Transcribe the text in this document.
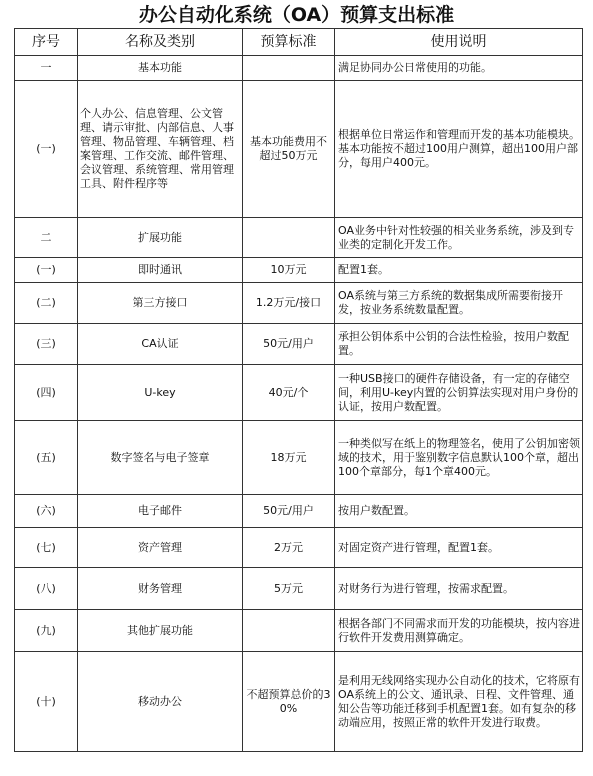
办公自动化系统（OA）预算支出标准
序号	名称及类别	预算标准	使用说明
一	基本功能		满足协同办公日常使用的功能。
(一)	个人办公、信息管理、公文管理、请示审批、内部信息、人事管理、物品管理、车辆管理、档案管理、工作交流、邮件管理、会议管理、系统管理、常用管理工具、附件程序等	基本功能费用不超过50万元	根据单位日常运作和管理而开发的基本功能模块。基本功能按不超过100用户测算，超出100用户部分，每用户400元。
二	扩展功能		OA业务中针对性较强的相关业务系统，涉及到专业类的定制化开发工作。
(一)	即时通讯	10万元	配置1套。
(二)	第三方接口	1.2万元/接口	OA系统与第三方系统的数据集成所需要衔接开发，按业务系统数量配置。
(三)	CA认证	50元/用户	承担公钥体系中公钥的合法性检验，按用户数配置。
(四)	U-key	40元/个	一种USB接口的硬件存储设备，有一定的存储空间，利用U-key内置的公钥算法实现对用户身份的认证，按用户数配置。
(五)	数字签名与电子签章	18万元	一种类似写在纸上的物理签名，使用了公钥加密领域的技术，用于鉴别数字信息默认100个章，超出100个章部分，每1个章400元。
(六)	电子邮件	50元/用户	按用户数配置。
(七)	资产管理	2万元	对固定资产进行管理，配置1套。
(八)	财务管理	5万元	对财务行为进行管理，按需求配置。
(九)	其他扩展功能		根据各部门不同需求而开发的功能模块，按内容进行软件开发费用测算确定。
(十)	移动办公	不超预算总价的30%	是利用无线网络实现办公自动化的技术，它将原有OA系统上的公文、通讯录、日程、文件管理、通知公告等功能迁移到手机配置1套。如有复杂的移动端应用，按照正常的软件开发进行取费。
